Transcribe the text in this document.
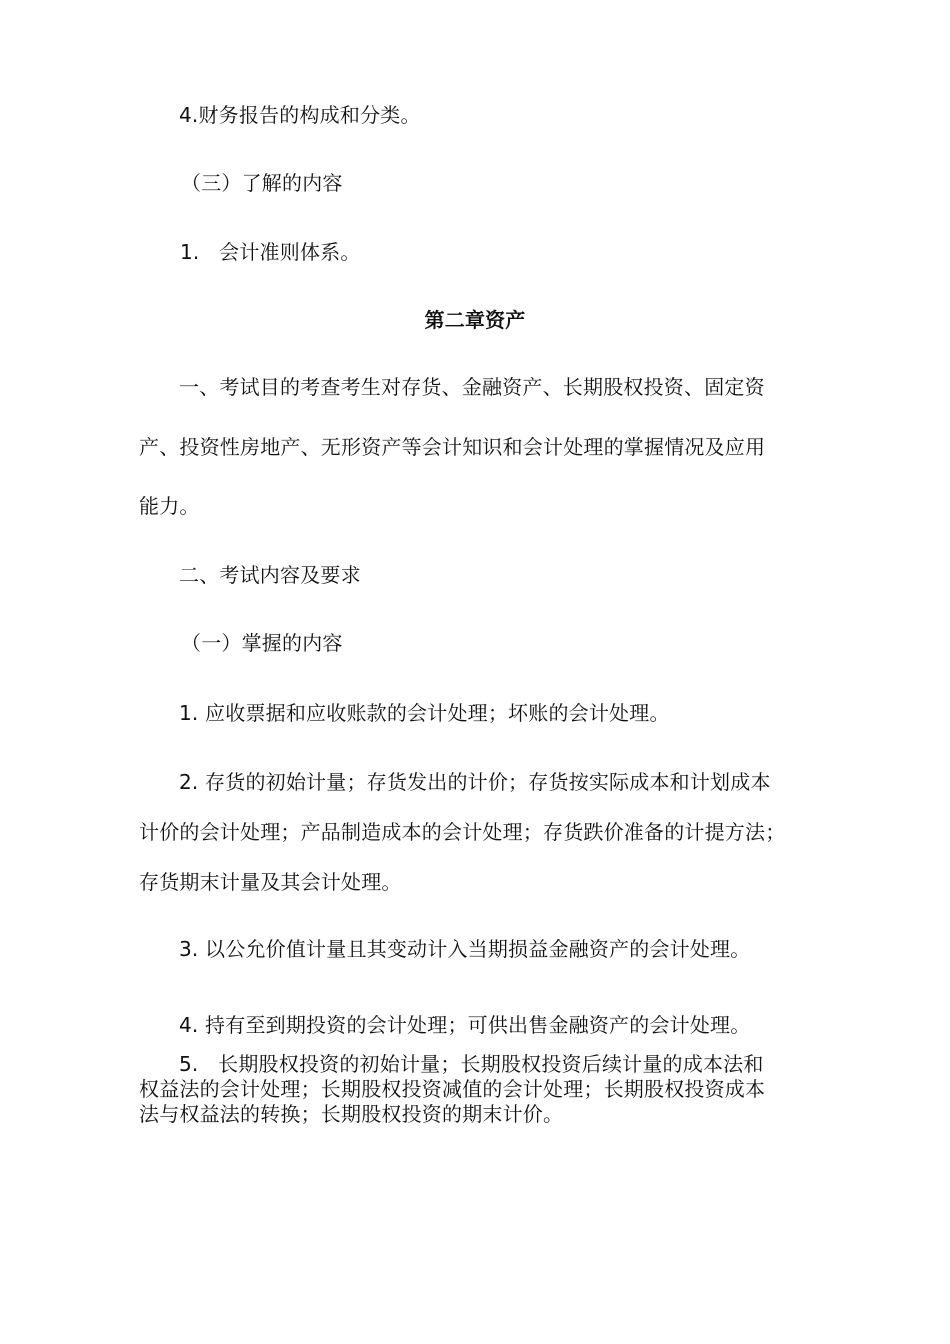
4.财务报告的构成和分类。
（三）了解的内容
1.   会计准则体系。
第二章资产
一、考试目的考查考生对存货、金融资产、长期股权投资、固定资
产、投资性房地产、无形资产等会计知识和会计处理的掌握情况及应用
能力。
二、考试内容及要求
（一）掌握的内容
1. 应收票据和应收账款的会计处理；坏账的会计处理。
2. 存货的初始计量；存货发出的计价；存货按实际成本和计划成本
计价的会计处理；产品制造成本的会计处理；存货跌价准备的计提方法；
存货期末计量及其会计处理。
3. 以公允价值计量且其变动计入当期损益金融资产的会计处理。
4. 持有至到期投资的会计处理；可供出售金融资产的会计处理。
5.   长期股权投资的初始计量；长期股权投资后续计量的成本法和
权益法的会计处理；长期股权投资减值的会计处理；长期股权投资成本
法与权益法的转换；长期股权投资的期末计价。
